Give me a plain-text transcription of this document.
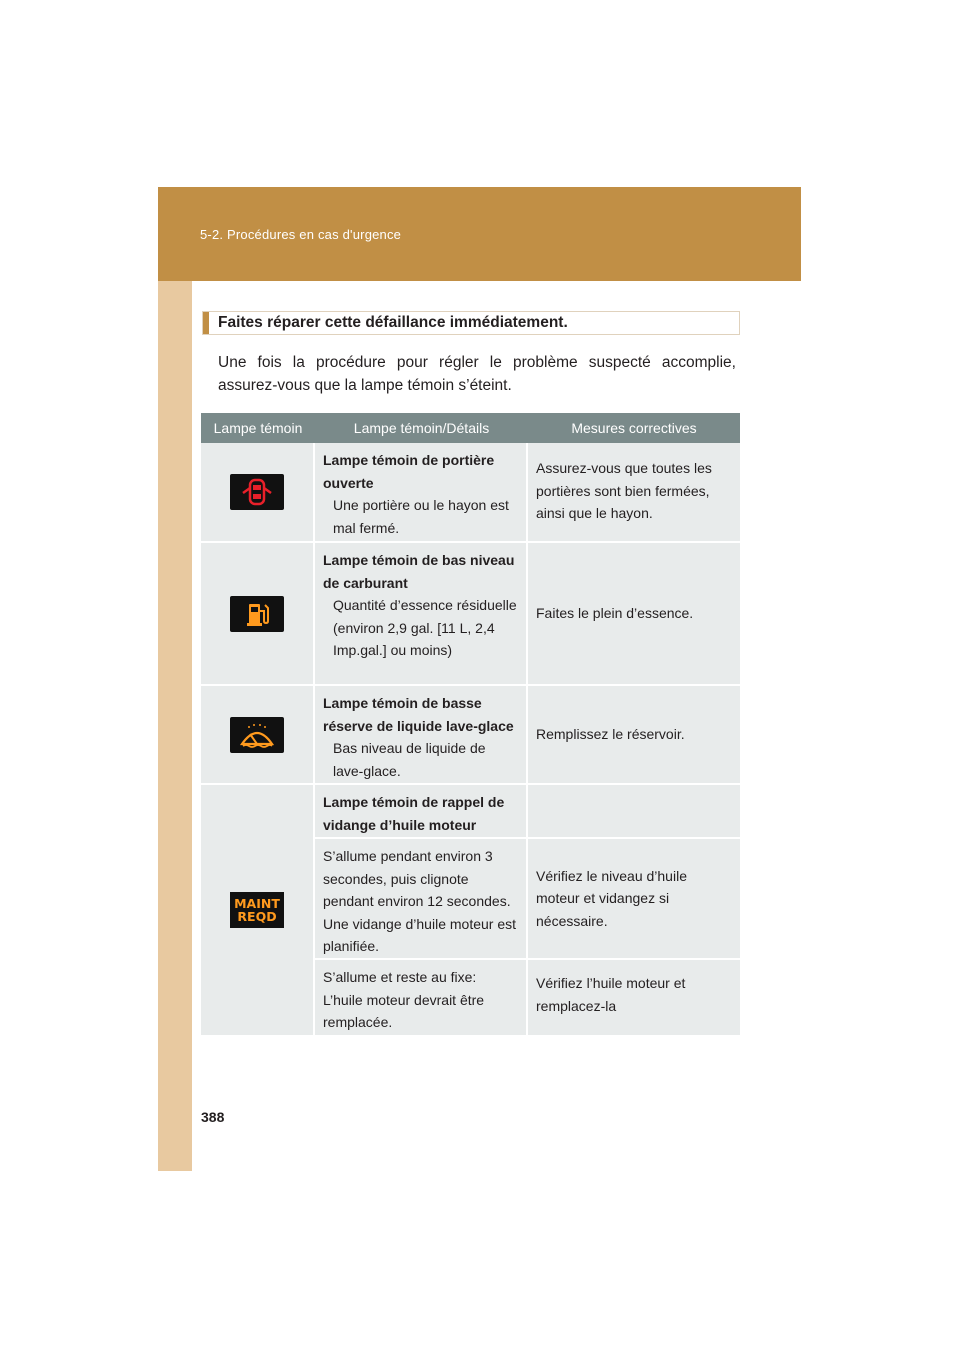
5-2. Procédures en cas d'urgence
Faites réparer cette défaillance immédiatement.
Une fois la procédure pour régler le problème suspecté accomplie, assurez-vous que la lampe témoin s’éteint.
Lampe témoin	Lampe témoin/Détails	Mesures correctives
Lampe témoin de portière ouverte
Une portière ou le hayon est mal fermé.
Assurez-vous que toutes les portières sont bien fermées, ainsi que le hayon.
Lampe témoin de bas niveau de carburant
Quantité d’essence résiduelle
(environ 2,9 gal. [11 L, 2,4 Imp.gal.] ou moins)
Faites le plein d’essence.
Lampe témoin de basse réserve de liquide lave-glace
Bas niveau de liquide de lave-glace.
Remplissez le réservoir.
MAINT
REQD
Lampe témoin de rappel de vidange d’huile moteur
S’allume pendant environ 3 secondes, puis clignote pendant environ 12 secondes. Une vidange d’huile moteur est planifiée.
Vérifiez le niveau d’huile moteur et vidangez si nécessaire.
S’allume et reste au fixe: L’huile moteur devrait être remplacée.
Vérifiez l’huile moteur et remplacez-la
388
